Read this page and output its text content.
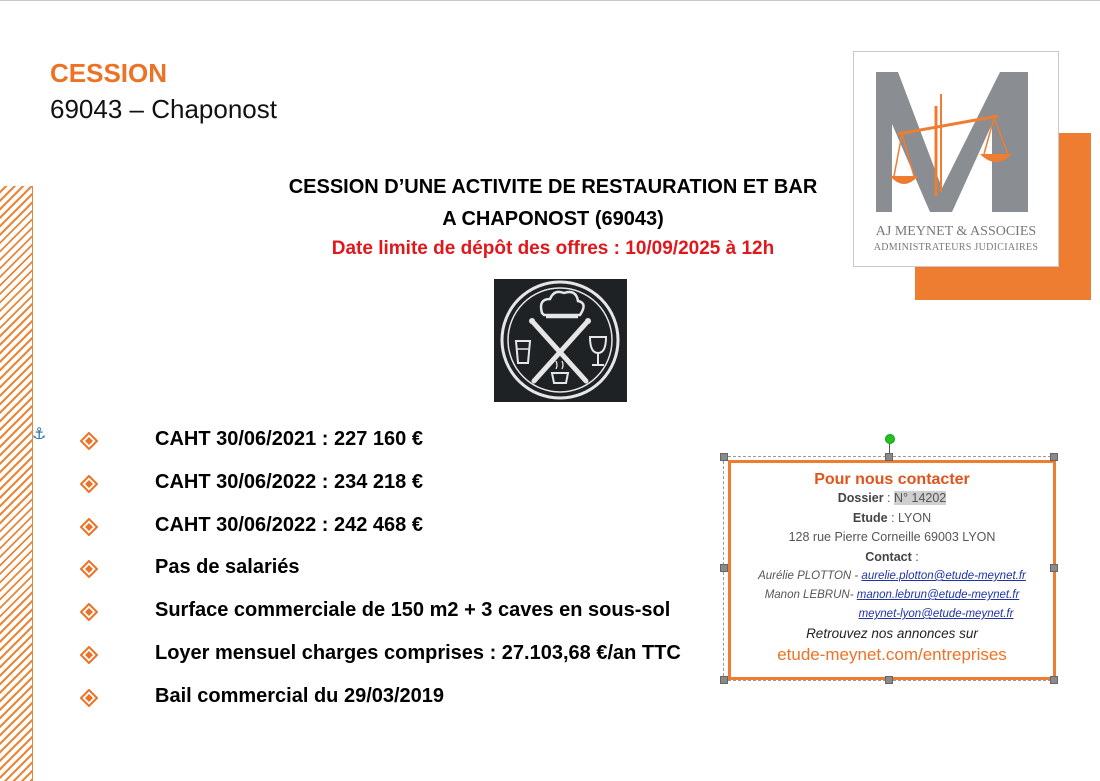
CESSION
69043 – Chaponost
AJ MEYNET & ASSOCIES
ADMINISTRATEURS JUDICIAIRES
CESSION D’UNE ACTIVITE DE RESTAURATION ET BAR
A CHAPONOST (69043)
Date limite de dépôt des offres : 10/09/2025 à 12h
⚓	CAHT 30/06/2021 : 227 160 €
CAHT 30/06/2022 : 234 218 €
CAHT 30/06/2022 : 242 468 €
Pas de salariés
Surface commerciale de 150 m2 + 3 caves en sous-sol
Loyer mensuel charges comprises : 27.103,68 €/an TTC
Bail commercial du 29/03/2019
Pour nous contacter
Dossier : N° 14202
Etude : LYON
128 rue Pierre Corneille 69003 LYON
Contact :
Aurélie PLOTTON - aurelie.plotton@etude-meynet.fr
Manon LEBRUN- manon.lebrun@etude-meynet.fr
meynet-lyon@etude-meynet.fr
Retrouvez nos annonces sur
etude-meynet.com/entreprises
